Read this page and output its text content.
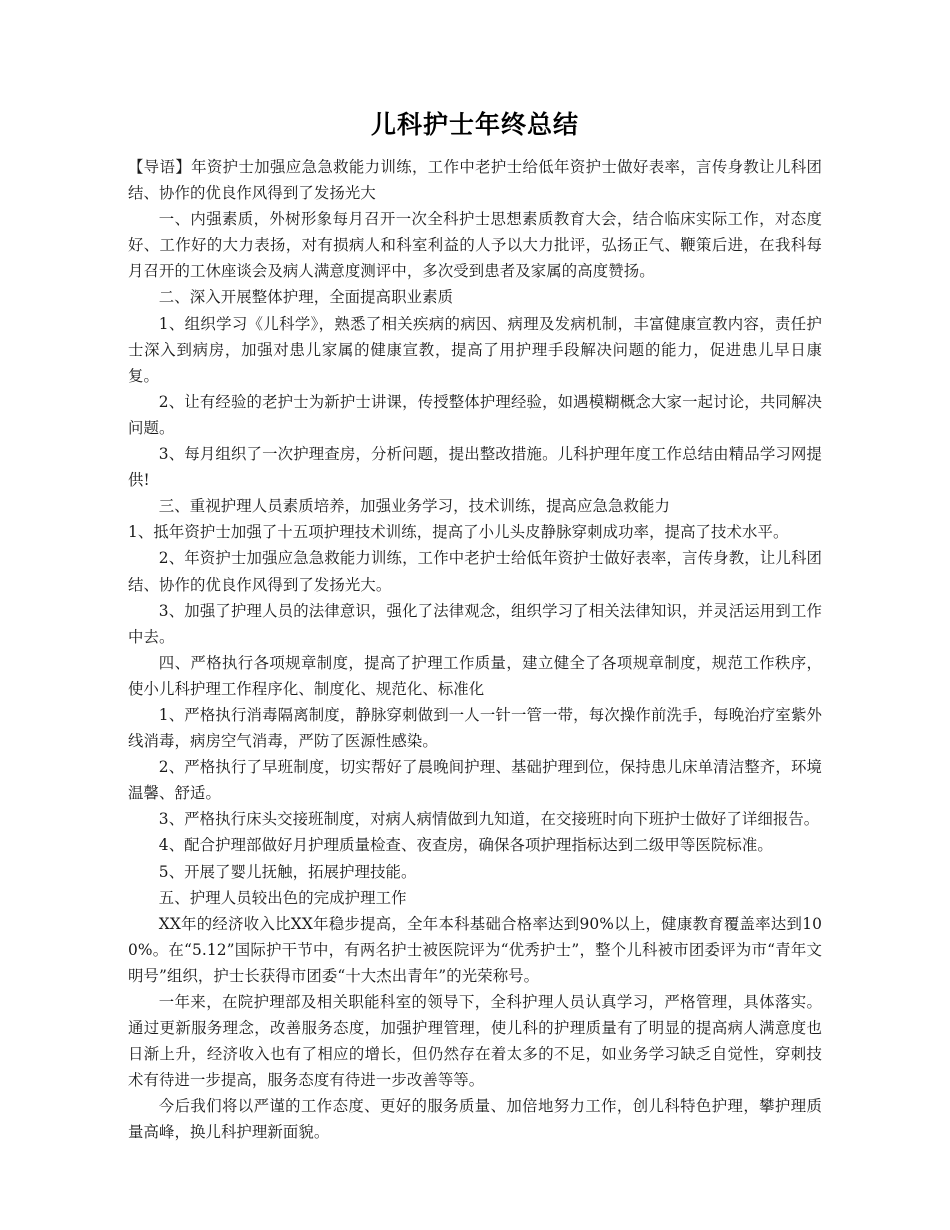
儿科护士年终总结

【导语】年资护士加强应急急救能力训练，工作中老护士给低年资护士做好表率，言传身教让儿科团结、协作的优良作风得到了发扬光大

一、内强素质，外树形象每月召开一次全科护士思想素质教育大会，结合临床实际工作，对态度好、工作好的大力表扬，对有损病人和科室利益的人予以大力批评，弘扬正气、鞭策后进，在我科每月召开的工休座谈会及病人满意度测评中，多次受到患者及家属的高度赞扬。

二、深入开展整体护理，全面提高职业素质

1、组织学习《儿科学》，熟悉了相关疾病的病因、病理及发病机制，丰富健康宣教内容，责任护士深入到病房，加强对患儿家属的健康宣教，提高了用护理手段解决问题的能力，促进患儿早日康复。

2、让有经验的老护士为新护士讲课，传授整体护理经验，如遇模糊概念大家一起讨论，共同解决问题。

3、每月组织了一次护理查房，分析问题，提出整改措施。儿科护理年度工作总结由精品学习网提供!

三、重视护理人员素质培养，加强业务学习，技术训练，提高应急急救能力

1、抵年资护士加强了十五项护理技术训练，提高了小儿头皮静脉穿刺成功率，提高了技术水平。

2、年资护士加强应急急救能力训练，工作中老护士给低年资护士做好表率，言传身教，让儿科团结、协作的优良作风得到了发扬光大。

3、加强了护理人员的法律意识，强化了法律观念，组织学习了相关法律知识，并灵活运用到工作中去。

四、严格执行各项规章制度，提高了护理工作质量，建立健全了各项规章制度，规范工作秩序，使小儿科护理工作程序化、制度化、规范化、标准化

1、严格执行消毒隔离制度，静脉穿刺做到一人一针一管一带，每次操作前洗手，每晚治疗室紫外线消毒，病房空气消毒，严防了医源性感染。

2、严格执行了早班制度，切实帮好了晨晚间护理、基础护理到位，保持患儿床单清洁整齐，环境温馨、舒适。

3、严格执行床头交接班制度，对病人病情做到九知道，在交接班时向下班护士做好了详细报告。

4、配合护理部做好月护理质量检查、夜查房，确保各项护理指标达到二级甲等医院标准。

5、开展了婴儿抚触，拓展护理技能。

五、护理人员较出色的完成护理工作

XX年的经济收入比XX年稳步提高，全年本科基础合格率达到90%以上，健康教育覆盖率达到100%。在“5.12”国际护干节中，有两名护士被医院评为“优秀护士”，整个儿科被市团委评为市“青年文明号”组织，护士长获得市团委“十大杰出青年”的光荣称号。

一年来，在院护理部及相关职能科室的领导下，全科护理人员认真学习，严格管理，具体落实。通过更新服务理念，改善服务态度，加强护理管理，使儿科的护理质量有了明显的提高病人满意度也日渐上升，经济收入也有了相应的增长，但仍然存在着太多的不足，如业务学习缺乏自觉性，穿刺技术有待进一步提高，服务态度有待进一步改善等等。

今后我们将以严谨的工作态度、更好的服务质量、加倍地努力工作，创儿科特色护理，攀护理质量高峰，换儿科护理新面貌。
